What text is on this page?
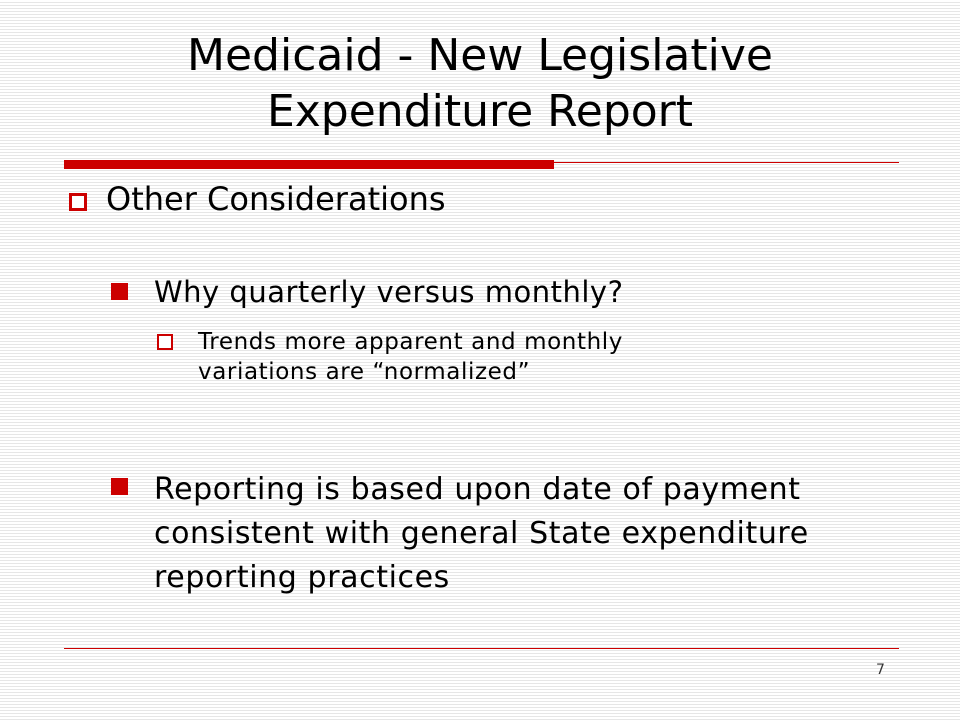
Medicaid - New Legislative
Expenditure Report
Other Considerations
Why quarterly versus monthly?
Trends more apparent and monthly
variations are “normalized”
Reporting is based upon date of payment
consistent with general State expenditure
reporting practices
7
